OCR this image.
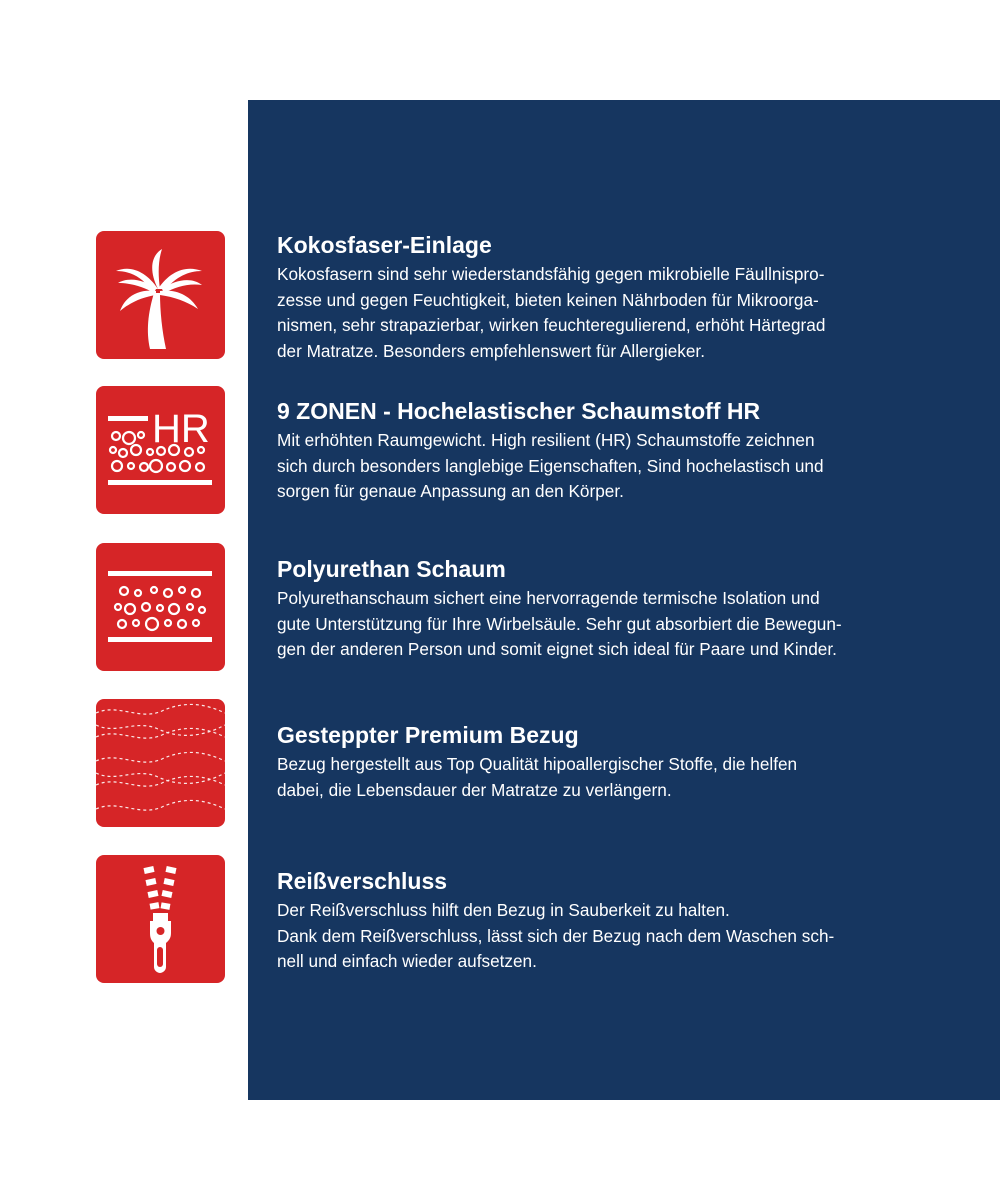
HR
Kokosfaser-Einlage

Kokosfasern sind sehr wiederstandsfähig gegen mikrobielle Fäullnispro-
zesse und gegen Feuchtigkeit, bieten keinen Nährboden für Mikroorga-
nismen, sehr strapazierbar, wirken feuchteregulierend, erhöht Härtegrad
der Matratze. Besonders empfehlenswert für Allergieker.

9 ZONEN - Hochelastischer Schaumstoff HR

Mit erhöhten Raumgewicht. High resilient (HR) Schaumstoffe zeichnen
sich durch besonders langlebige Eigenschaften, Sind hochelastisch und
sorgen für genaue Anpassung an den Körper.

Polyurethan Schaum

Polyurethanschaum sichert eine hervorragende termische Isolation und
gute Unterstützung für Ihre Wirbelsäule. Sehr gut absorbiert die Bewegun-
gen der anderen Person und somit eignet sich ideal für Paare und Kinder.

Gesteppter Premium Bezug

Bezug hergestellt aus Top Qualität hipoallergischer Stoffe, die helfen
dabei, die Lebensdauer der Matratze zu verlängern.

Reißverschluss

Der Reißverschluss hilft den Bezug in Sauberkeit zu halten.
Dank dem Reißverschluss, lässt sich der Bezug nach dem Waschen sch-
nell und einfach wieder aufsetzen.
